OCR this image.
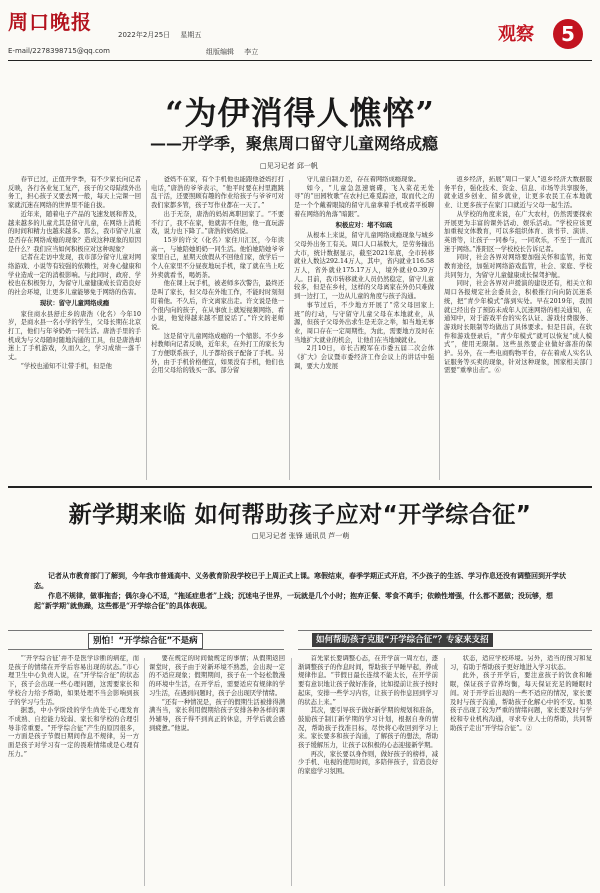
周口晚报
2022年2月25日 星期五
E-mail/2278398715@qq.com	组版编辑 李立
观察	5
“为伊消得人憔悴”
——开学季，聚焦周口留守儿童网络成瘾
□见习记者 邱一帆

春节已过，正值开学季，有不少家长向记者反映，各行各业复工复产，孩子的父母陆续外出务工，担心孩子又要去网一般，每天上完课一回家就沉迷在网络的世界里不能自拔。

近年来，随着电子产品的飞速发展和普及，越来越多的儿童尤其是留守儿童，在网络上消耗的时间和精力也越来越多。那么，我市留守儿童是否存在网络成瘾的现象？造成这种现象的原因是什么？我们应当如何积极应对这种现象？

记者在走访中发现，我市部分留守儿童对网络游戏、小说等有较强的依赖性，对身心健康和学业造成一定的消极影响。与此同时，政府、学校也在积极努力，为留守儿童健康成长营造良好的社会环境，让更多儿童能够免于网络的伤害。

现状：留守儿童网络成瘾

家住商水县舒庄乡的唐浩（化名）今年10岁，是商水县一名小学的学生，父母长期在北京打工，他们与年爷奶奶一同生活。唐浩手里的手机成为与父母随时随地沟通的工具，但是唐浩却迷上了手机游戏，久而久之，学习成绩一落千丈。

“学校也通知不让带手机，但是他

爸妈不在家，有个手机他也能跟他爸妈打打电话，”唐浩的爷爷表示，“他平时要在村里跑跳乱干活，还要照顾有趣的作业给孩子与爷爷可对我们家都多管，孩子写作业都在一天了。”

出于无奈，唐浩的妈妈离职回家了。“不要不行了，我不在家，他就害不住他，他一直玩游戏，说力也下降了。”唐浩的妈妈说。

15岁的许文（化名）家住川汇区，今年读高一，与她陪她奶奶一同生活。他怕她陪她爷爷家里自己，星期天放假从不回他们家，放学后一个人在家里不分昼夜地玩手机，缘了就在当上吃外卖就看书，喝奶茶。

他在课上玩手机，被老师多次警告，最终还是叫了家长，但父母在外地工作，不能时时刻刻盯着他。不久后，许文离家出走。许文说是他一个很内向的孩子，在从事放上就短视频网络、看小说，他觉得越来越不愿说话了。”许文的老师说。

这是留守儿童网络成瘾的一个缩影。不少乡村教师向记者反映，近年来，在外打工的家长为了方便联系孩子，儿子都给孩子配备了手机。另外，由于手机价格便宜，如果没有手机，他们也会用父母给的钱买一部。部分留

守儿童自制力差，存在着网络成瘾现象。

如今，“儿童急忽速寰碟，飞入菜花无处寻”的“田园牧歌”在农村已难觅踪迹，取而代之的是一个个戴着眼镜的留守儿童拿着手机或者平板聊着在网络的角落“暗跟”。

积极应对：堵不如疏

从根本上来说，留守儿童网络成瘾现象与城乡父母外出务工有关。周口人口基数大，是劳务输出大市，统计数据显示，截至2021年底，全市转移就业人数达292.14万人，其中，省内就业116.58万人，省外就业175.17万人，境外就业0.39万人。目前，我市转移就业人员仍然稳定，留守儿童较多，但是在乡村，这样的父母离家在外仍只难做到一边打工，一边从儿童的角度与孩子沟通。

事节过后，不少地方开展了“常父母回家上班”的行动，与守留守儿童父母在本地就业，从源，但孩子父母外出求生是无奈之举，如当地无事业，周口存在一定周期性，为此，需要地方及时在当地扩大就业的机会，让他们在当地城就业。

2月10日，市长吉殿军在市委五届二次会体《扩大》会议暨市委经济工作会议上的讲话中强调，要大力发展

返乡经济，拓展“周口一家人”返乡经济大数据服务平台，强化技术、资金、信息、市场等共享服务，就业返乡创业、留乡就业，让更多农民工在本地就业、让更多孩子在家门口就近与父母一起生活。

从学校的角度来说，在广大农村，仍然需要探索开展更为丰富的课外活动、娱乐活动。“学校应该更加重视文体教育，可以多组织体育、读书节、演讲、英语等，让孩子一同参与，一同欢乐，不至于一直沉迷于网络。”淮阳区一学校校长告诉记者。

同时，社会各界对网络要加强关怀和监管，拓宽教育途径，加强对网络游戏监管，社会、家庭、学校共同努力，为留守儿童健康成长保驾护航。

同时，社会各界对声援演的建设还有，相关立和周口各报规定社会委员会，积极推行向向防沉迷系统，把“青少年模式”落到实处。早在2019年，我国就已经出台了预防未成年人沉迷网络的相关通知，在通知中，对于游戏平台的实名认证、游戏付费服务、游戏时长限制等均做出了具体要求。但是目前，在软件和游戏登录后，“青少年模式”就可以恢复“成人模式”，使用无限制。这些虽然要企业做好落准的保护。另外，在一些电商购物平台，存在着成人实名认证服务等买卖的现象，针对这种现象，国家相关部门需要“重拳出击”。⑥

新学期来临 如何帮助孩子应对“开学综合征”
□见习记者 张锋 通讯员 芦一萌

记者从市教育部门了解到，今年我市普通高中、义务教育阶段学校已于上周正式上课。寒假结束，春季学期正式开启，不少孩子的生活、学习作息还没有调整回到开学状态。

作息不规律，做事拖沓；偶尔身心不适，“拖延症患者”上线；沉迷电子世界，一玩就是几个小时；抱弃正餐、零食不离手；依赖性增强，什么都不愿做；没玩够，想起“新学期”就焦躁，这些都是“开学综合征”的具体表现。

别怕！“开学综合征”不是病	如何帮助孩子克服“开学综合征”？专家来支招

“‘开学综合征’并不是医学诊断的病症，而是孩子的情绪在开学后容易出现的状态。”市心理卫生中心负责人说，在“开学综合征”的状态下，孩子会出现一些心理问题，这需要家长和学校合力给予帮助，如果处理不当会影响到孩子的学习与生活。

据悉，中小学阶段的学生尚处于心理发育不成熟、自控能力较弱、家长和学校的合理引导非常重要。“开学综合征”产生的原因很多，一方面是孩子节假日期间作息不规律，另一方面是孩子对学习有一定的畏难情绪或是心理有压力。”

要在规定的时间做规定的事情；从假期返回课堂时，孩子由于对新环境不熟悉，会出现一定的不适应现象；假期期间，孩子在一个轻松散漫的环境中生活，在开学后，需要适应有规律的学习生活，在遇到问题时，孩子会出现厌学情绪。

“还有一种情况是，孩子的假期生活被排得满满当当，家长利用假期给孩子安排各种各样的课外辅导，孩子得不到真正的休息，开学后就会感到疲惫。”他说。

首先家长要调整心态，在开学前一周左右，逐渐调整孩子的作息时间，帮助孩子早睡早起，养成规律作息。“节假日最长连续不能太长，在开学前要有意识地让孩子做好准备，比如提前让孩子按时起床，安排一些学习内容，让孩子的作息回到学习的状态上来。”

其次，要引导孩子做好新学期的规划和准备，鼓励孩子制订新学期的学习计划，根据自身的情况，帮助孩子找准目标，尽快将心收回到学习上来。家长要多和孩子沟通，了解孩子的想法，帮助孩子缓解压力，让孩子以积极的心态迎接新学期。

再次，家长要以身作则，做好孩子的榜样，减少手机、电视的使用时间，多陪伴孩子，营造良好的家庭学习氛围。

状态，适应学校环境。另外，适当的预习和复习，有助于帮助孩子更好地进入学习状态。

此外，孩子开学后，要注意孩子的饮食和睡眠，保证孩子营养均衡，每天保证充足的睡眠时间。对于开学后出现的一些不适应的情况，家长要及时与孩子沟通，帮助孩子化解心中的不安。如果孩子出现了较为严重的情绪问题，家长要及时与学校和专业机构沟通，寻求专业人士的帮助，共同帮助孩子走出“开学综合征”。②
